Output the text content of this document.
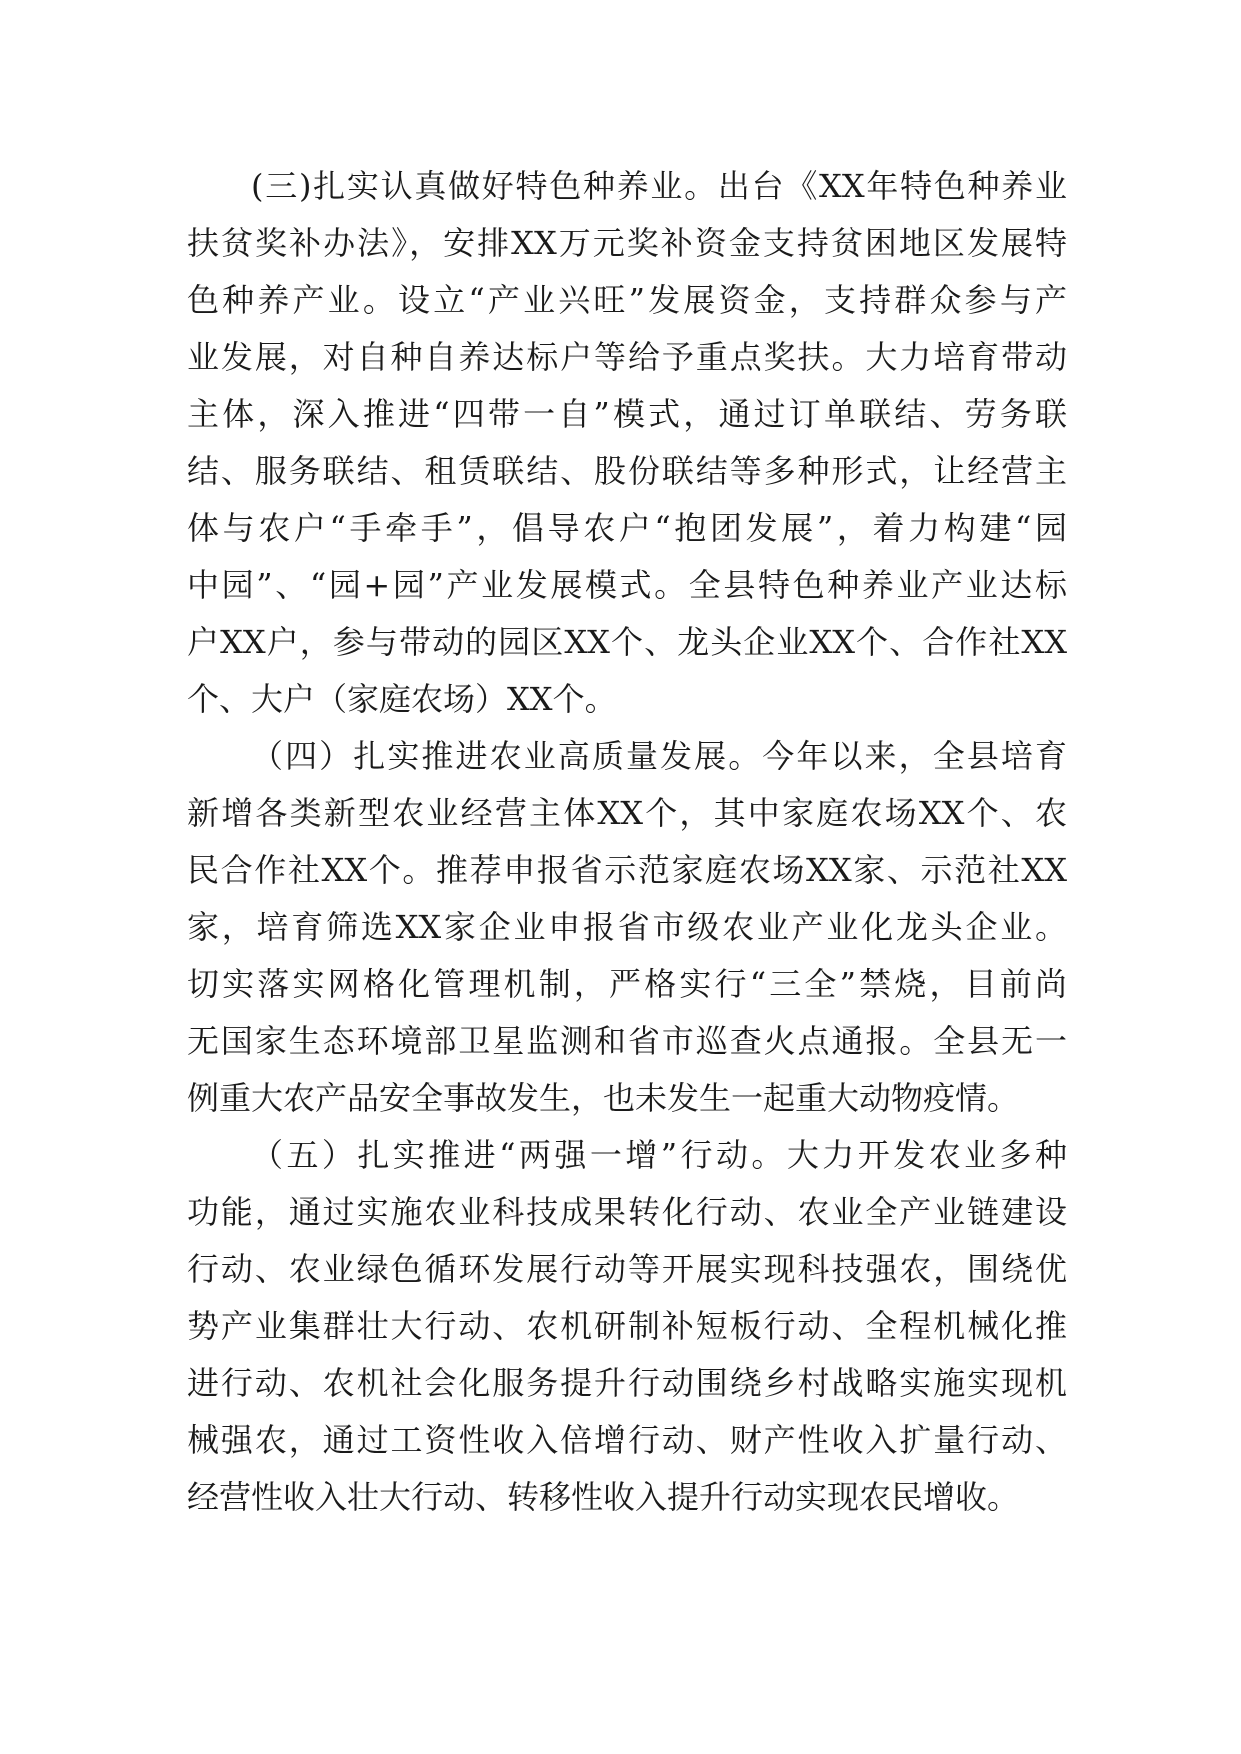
(三)扎实认真做好特色种养业。出台《XX年特色种养业
扶贫奖补办法》，安排XX万元奖补资金支持贫困地区发展特
色种养产业。设立“产业兴旺”发展资金，支持群众参与产
业发展，对自种自养达标户等给予重点奖扶。大力培育带动
主体，深入推进“四带一自”模式，通过订单联结、劳务联
结、服务联结、租赁联结、股份联结等多种形式，让经营主
体与农户“手牵手”，倡导农户“抱团发展”，着力构建“园
中园”、“园+园”产业发展模式。全县特色种养业产业达标
户XX户，参与带动的园区XX个、龙头企业XX个、合作社XX
个、大户（家庭农场）XX个。
（四）扎实推进农业高质量发展。今年以来，全县培育
新增各类新型农业经营主体XX个，其中家庭农场XX个、农
民合作社XX个。推荐申报省示范家庭农场XX家、示范社XX
家，培育筛选XX家企业申报省市级农业产业化龙头企业。
切实落实网格化管理机制，严格实行“三全”禁烧，目前尚
无国家生态环境部卫星监测和省市巡查火点通报。全县无一
例重大农产品安全事故发生，也未发生一起重大动物疫情。
（五）扎实推进“两强一增”行动。大力开发农业多种
功能，通过实施农业科技成果转化行动、农业全产业链建设
行动、农业绿色循环发展行动等开展实现科技强农，围绕优
势产业集群壮大行动、农机研制补短板行动、全程机械化推
进行动、农机社会化服务提升行动围绕乡村战略实施实现机
械强农，通过工资性收入倍增行动、财产性收入扩量行动、
经营性收入壮大行动、转移性收入提升行动实现农民增收。
